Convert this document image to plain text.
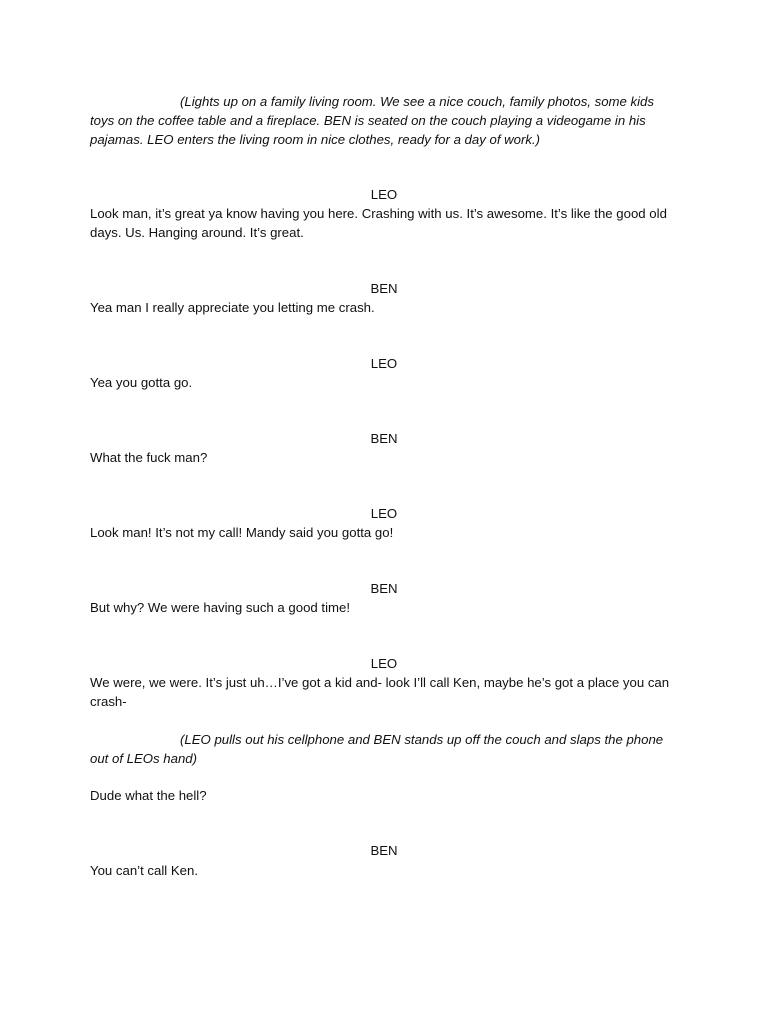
(Lights up on a family living room. We see a nice couch, family photos, some kids toys on the coffee table and a fireplace. BEN is seated on the couch playing a videogame in his pajamas. LEO enters the living room in nice clothes, ready for a day of work.)

LEO

Look man, it’s great ya know having you here. Crashing with us. It’s awesome. It’s like the good old days. Us. Hanging around. It’s great.

BEN

Yea man I really appreciate you letting me crash.

LEO

Yea you gotta go.

BEN

What the fuck man?

LEO

Look man! It’s not my call! Mandy said you gotta go!

BEN

But why? We were having such a good time!

LEO

We were, we were. It’s just uh…I’ve got a kid and- look I’ll call Ken, maybe he’s got a place you can crash-

(LEO pulls out his cellphone and BEN stands up off the couch and slaps the phone out of LEOs hand)

Dude what the hell?

BEN

You can’t call Ken.
